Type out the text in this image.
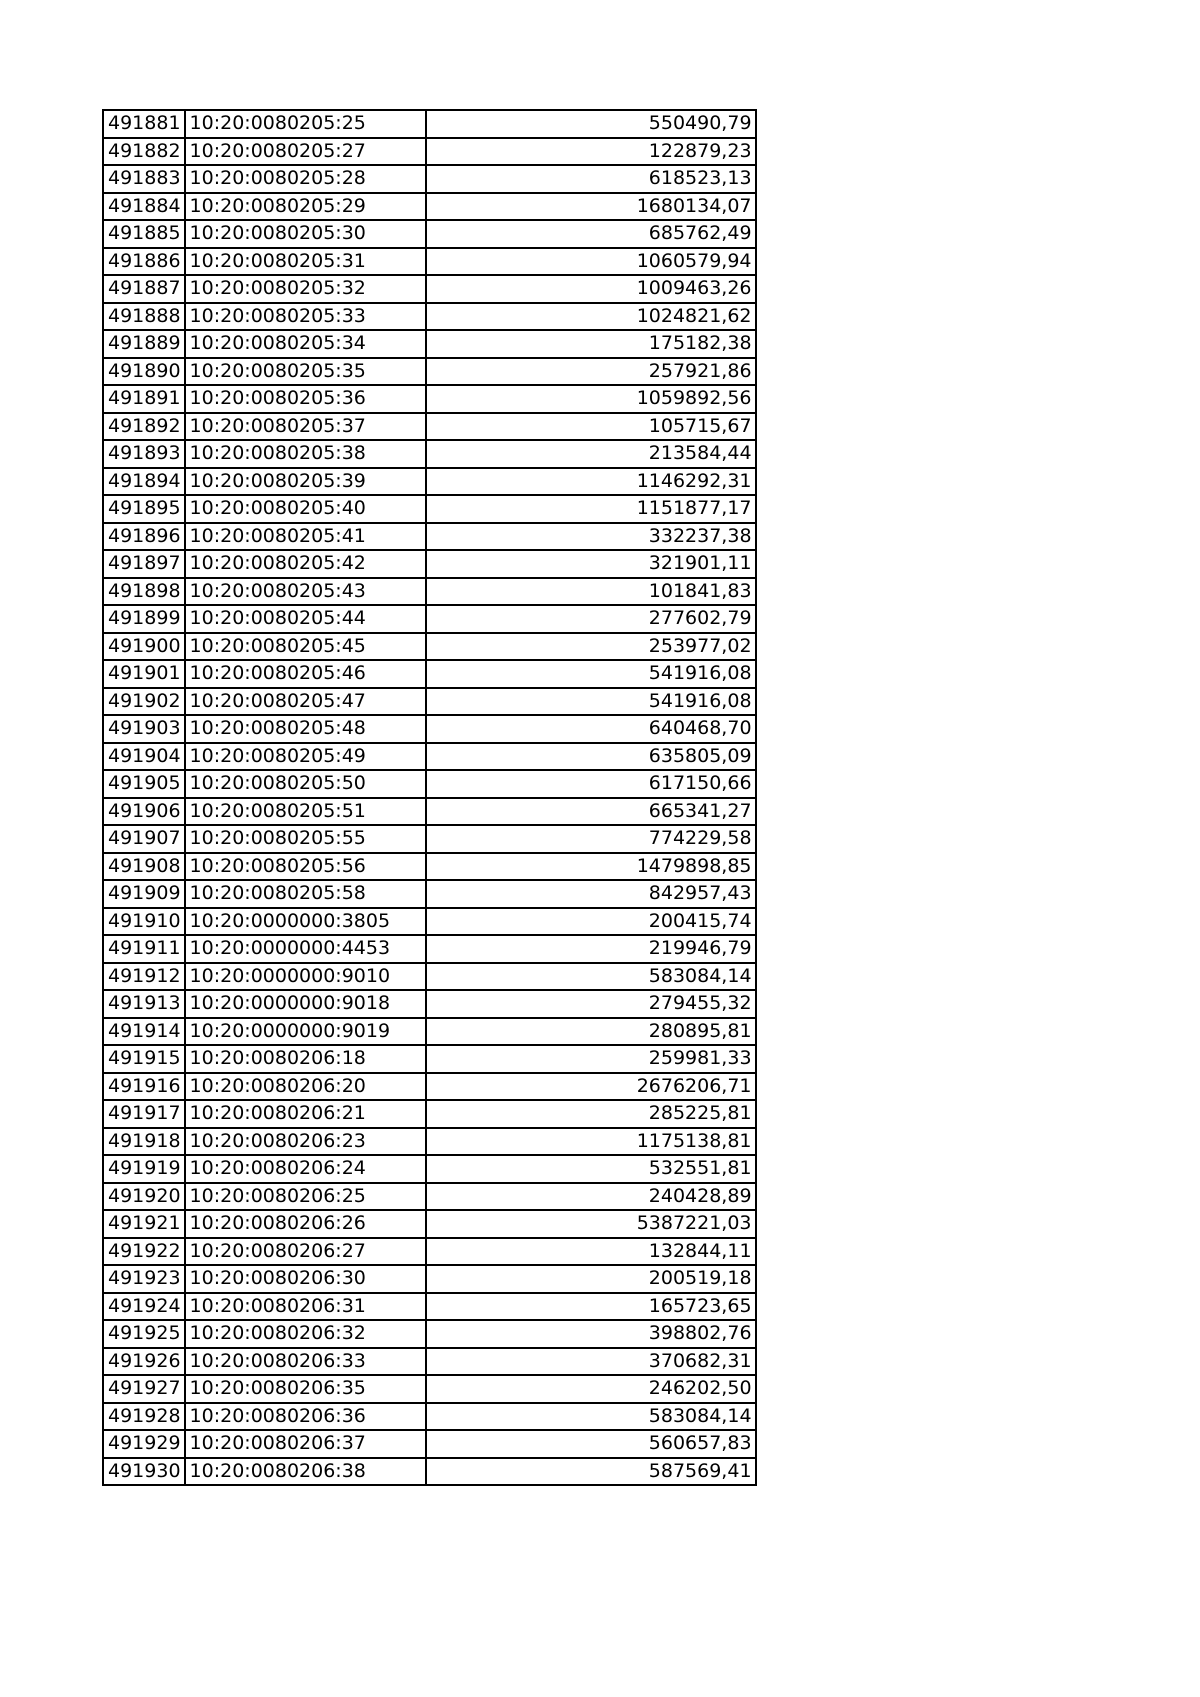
491881	10:20:0080205:25	550490,79
491882	10:20:0080205:27	122879,23
491883	10:20:0080205:28	618523,13
491884	10:20:0080205:29	1680134,07
491885	10:20:0080205:30	685762,49
491886	10:20:0080205:31	1060579,94
491887	10:20:0080205:32	1009463,26
491888	10:20:0080205:33	1024821,62
491889	10:20:0080205:34	175182,38
491890	10:20:0080205:35	257921,86
491891	10:20:0080205:36	1059892,56
491892	10:20:0080205:37	105715,67
491893	10:20:0080205:38	213584,44
491894	10:20:0080205:39	1146292,31
491895	10:20:0080205:40	1151877,17
491896	10:20:0080205:41	332237,38
491897	10:20:0080205:42	321901,11
491898	10:20:0080205:43	101841,83
491899	10:20:0080205:44	277602,79
491900	10:20:0080205:45	253977,02
491901	10:20:0080205:46	541916,08
491902	10:20:0080205:47	541916,08
491903	10:20:0080205:48	640468,70
491904	10:20:0080205:49	635805,09
491905	10:20:0080205:50	617150,66
491906	10:20:0080205:51	665341,27
491907	10:20:0080205:55	774229,58
491908	10:20:0080205:56	1479898,85
491909	10:20:0080205:58	842957,43
491910	10:20:0000000:3805	200415,74
491911	10:20:0000000:4453	219946,79
491912	10:20:0000000:9010	583084,14
491913	10:20:0000000:9018	279455,32
491914	10:20:0000000:9019	280895,81
491915	10:20:0080206:18	259981,33
491916	10:20:0080206:20	2676206,71
491917	10:20:0080206:21	285225,81
491918	10:20:0080206:23	1175138,81
491919	10:20:0080206:24	532551,81
491920	10:20:0080206:25	240428,89
491921	10:20:0080206:26	5387221,03
491922	10:20:0080206:27	132844,11
491923	10:20:0080206:30	200519,18
491924	10:20:0080206:31	165723,65
491925	10:20:0080206:32	398802,76
491926	10:20:0080206:33	370682,31
491927	10:20:0080206:35	246202,50
491928	10:20:0080206:36	583084,14
491929	10:20:0080206:37	560657,83
491930	10:20:0080206:38	587569,41
